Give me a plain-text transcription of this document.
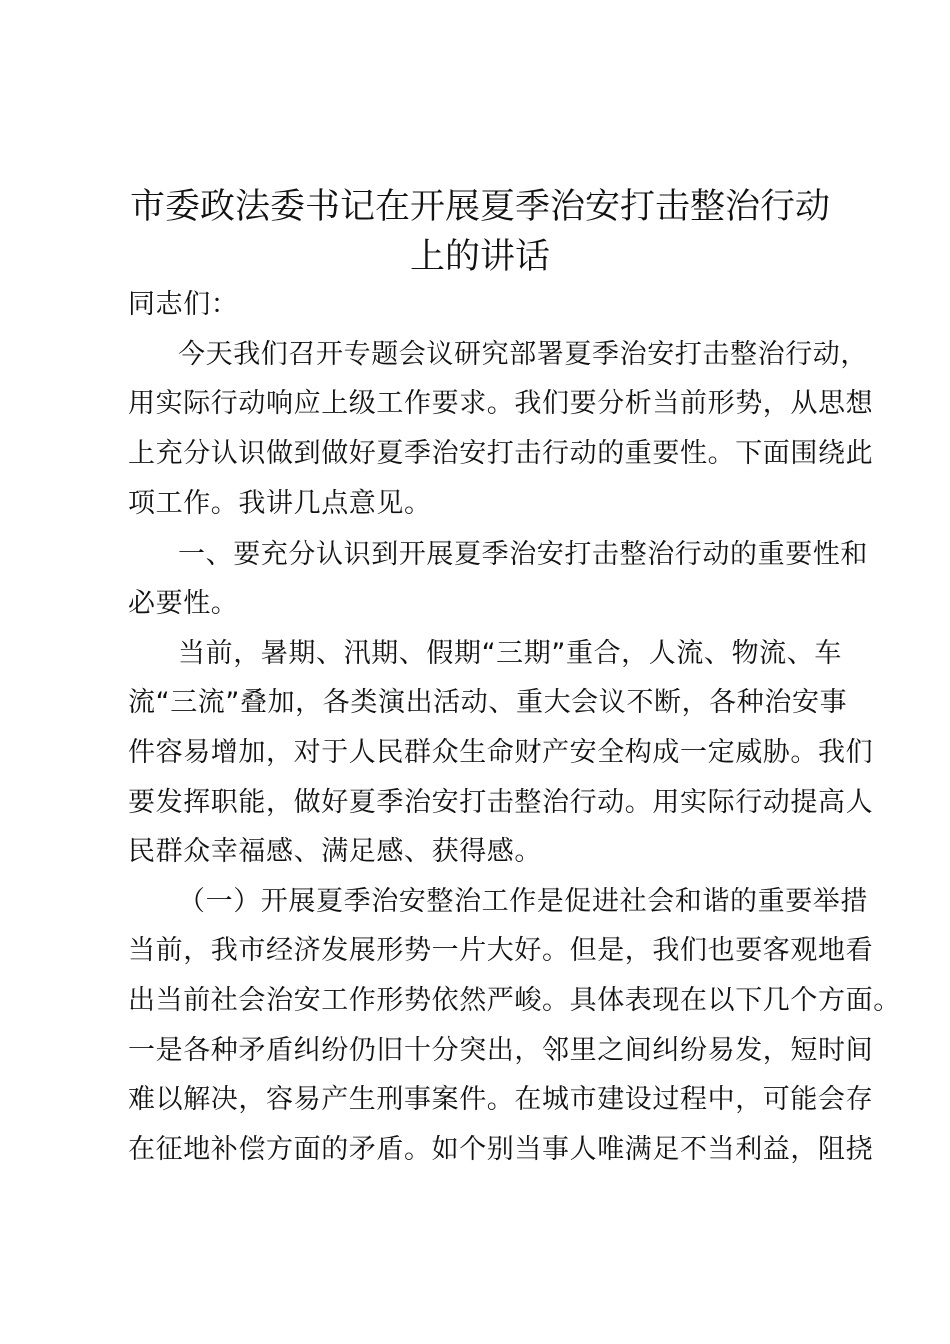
市委政法委书记在开展夏季治安打击整治行动
上的讲话
同志们：
今天我们召开专题会议研究部署夏季治安打击整治行动，
用实际行动响应上级工作要求。我们要分析当前形势，从思想
上充分认识做到做好夏季治安打击行动的重要性。下面围绕此
项工作。我讲几点意见。
一、要充分认识到开展夏季治安打击整治行动的重要性和
必要性。
当前，暑期、汛期、假期“三期”重合，人流、物流、车
流“三流”叠加，各类演出活动、重大会议不断，各种治安事
件容易增加，对于人民群众生命财产安全构成一定威胁。我们
要发挥职能，做好夏季治安打击整治行动。用实际行动提高人
民群众幸福感、满足感、获得感。
（一）开展夏季治安整治工作是促进社会和谐的重要举措
当前，我市经济发展形势一片大好。但是，我们也要客观地看
出当前社会治安工作形势依然严峻。具体表现在以下几个方面。
一是各种矛盾纠纷仍旧十分突出，邻里之间纠纷易发，短时间
难以解决，容易产生刑事案件。在城市建设过程中，可能会存
在征地补偿方面的矛盾。如个别当事人唯满足不当利益，阻挠
